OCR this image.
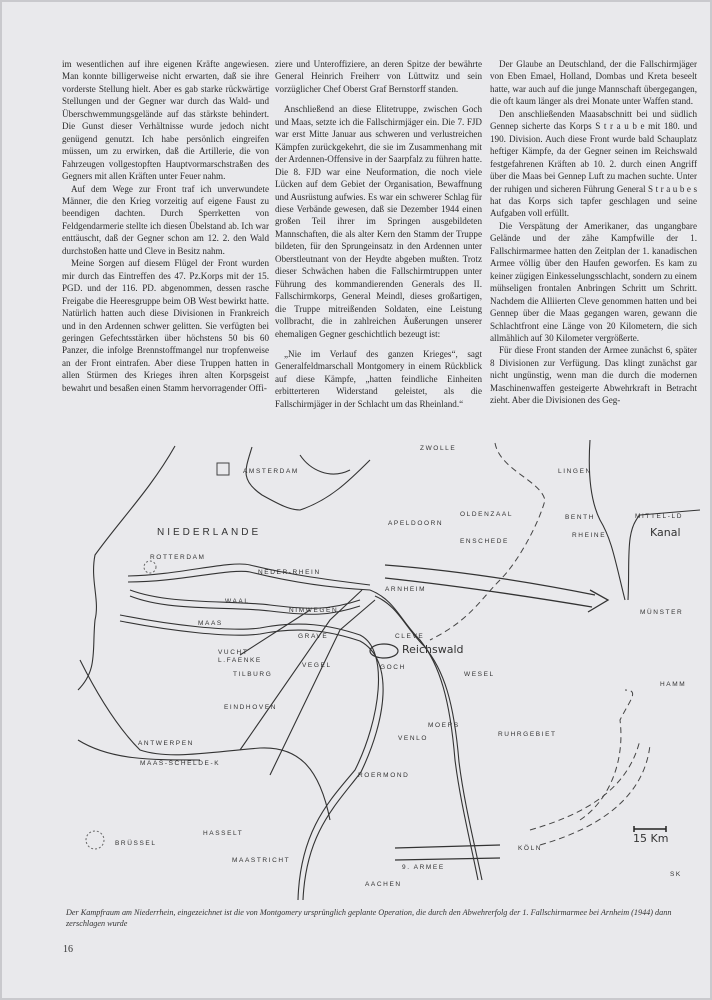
im wesentlichen auf ihre eigenen Kräfte angewiesen. Man konnte billigerweise nicht erwarten, daß sie ihre vorderste Stellung hielt. Aber es gab starke rückwärtige Stellungen und der Gegner war durch das Wald- und Überschwemmungsgelände auf das stärkste behindert. Die Gunst dieser Verhältnisse wurde jedoch nicht genügend genutzt. Ich habe persönlich eingreifen müssen, um zu erwirken, daß die Artillerie, die von Fahrzeugen vollgestopften Hauptvormarschstraßen des Gegners mit allen Kräften unter Feuer nahm.

Auf dem Wege zur Front traf ich unverwundete Männer, die den Krieg vorzeitig auf eigene Faust zu beendigen dachten. Durch Sperrketten von Feldgendarmerie stellte ich diesen Übelstand ab. Ich war enttäuscht, daß der Gegner schon am 12. 2. den Wald durchstoßen hatte und Cleve in Besitz nahm.

Meine Sorgen auf diesem Flügel der Front wurden mir durch das Eintreffen des 47. Pz.Korps mit der 15. PGD. und der 116. PD. abgenommen, dessen rasche Freigabe die Heeresgruppe beim OB West bewirkt hatte. Natürlich hatten auch diese Divisionen in Frankreich und in den Ardennen schwer gelitten. Sie verfügten bei geringen Gefechtsstärken über höchstens 50 bis 60 Panzer, die infolge Brennstoffmangel nur tropfenweise an der Front eintrafen. Aber diese Truppen hatten in allen Stürmen des Krieges ihren alten Korpsgeist bewahrt und besaßen einen Stamm hervorragender Offi-

ziere und Unteroffiziere, an deren Spitze der bewährte General Heinrich Freiherr von Lüttwitz und sein vorzüglicher Chef Oberst Graf Bernstorff standen.

Anschließend an diese Elitetruppe, zwischen Goch und Maas, setzte ich die Fallschirmjäger ein. Die 7. FJD war erst Mitte Januar aus schweren und verlustreichen Kämpfen zurückgekehrt, die sie im Zusammenhang mit der Ardennen-Offensive in der Saarpfalz zu führen hatte. Die 8. FJD war eine Neuformation, die noch viele Lücken auf dem Gebiet der Organisation, Bewaffnung und Ausrüstung aufwies. Es war ein schwerer Schlag für diese Verbände gewesen, daß sie Dezember 1944 einen großen Teil ihrer im Springen ausgebildeten Mannschaften, die als alter Kern den Stamm der Truppe bildeten, für den Sprungeinsatz in den Ardennen unter Oberstleutnant von der Heydte abgeben mußten. Trotz dieser Schwächen haben die Fallschirmtruppen unter Führung des kommandierenden Generals des II. Fallschirmkorps, General Meindl, dieses großartigen, die Truppe mitreißenden Soldaten, eine Leistung vollbracht, die in zahlreichen Äußerungen unserer ehemaligen Gegner geschichtlich bezeugt ist:

„Nie im Verlauf des ganzen Krieges“, sagt Generalfeldmarschall Montgomery in einem Rückblick auf diese Kämpfe, „hatten feindliche Einheiten erbitterteren Widerstand geleistet, als die Fallschirmjäger in der Schlacht um das Rheinland.“

Der Glaube an Deutschland, der die Fallschirmjäger von Eben Emael, Holland, Dombas und Kreta beseelt hatte, war auch auf die junge Mannschaft übergegangen, die oft kaum länger als drei Monate unter Waffen stand.

Den anschließenden Maasabschnitt bei und südlich Gennep sicherte das Korps S t r a u b e mit 180. und 190. Division. Auch diese Front wurde bald Schauplatz heftiger Kämpfe, da der Gegner seinen im Reichswald festgefahrenen Kräften ab 10. 2. durch einen Angriff über die Maas bei Gennep Luft zu machen suchte. Unter der ruhigen und sicheren Führung General S t r a u b e s hat das Korps sich tapfer geschlagen und seine Aufgaben voll erfüllt.

Die Verspätung der Amerikaner, das ungangbare Gelände und der zähe Kampfwille der 1. Fallschirmarmee hatten den Zeitplan der 1. kanadischen Armee völlig über den Haufen geworfen. Es kam zu keiner zügigen Einkesselungsschlacht, sondern zu einem mühseligen frontalen Anbringen Schritt um Schritt. Nachdem die Alliierten Cleve genommen hatten und bei Gennep über die Maas gegangen waren, gewann die Schlachtfront eine Länge von 20 Kilometern, die sich allmählich auf 30 Kilometer vergrößerte.

Für diese Front standen der Armee zunächst 6, später 8 Divisionen zur Verfügung. Das klingt zunächst gar nicht ungünstig, wenn man die durch die modernen Maschinenwaffen gesteigerte Abwehrkraft in Betracht zieht. Aber die Divisionen des Geg-

AMSTERDAM
NIEDERLANDE
ROTTERDAM
NEDER-RHEIN
WAAL
MAAS
NIMWEGEN
GRAVE
VUCHT
L.FAENKE
VEGEL
TILBURG
EINDHOVEN
ANTWERPEN
MAAS-SCHELDE-K
BRÜSSEL
HASSELT
MAASTRICHT
ZWOLLE
APELDOORN
OLDENZAAL
ENSCHEDE
BENTH
RHEINE
LINGEN
MITTEL-LD
Kanal
ARNHEIM
CLEVE
GOCH
Reichswald
WESEL
MÜNSTER
HAMM
MOERS
VENLO
ROERMOND
RUHRGEBIET
9. ARMEE
KÖLN
AACHEN
15 Km
SK
Der Kampfraum am Niederrhein, eingezeichnet ist die von Montgomery ursprünglich geplante Operation, die durch den Abwehrerfolg der 1. Fallschirmarmee bei Arnheim (1944) dann zerschlagen wurde
16
